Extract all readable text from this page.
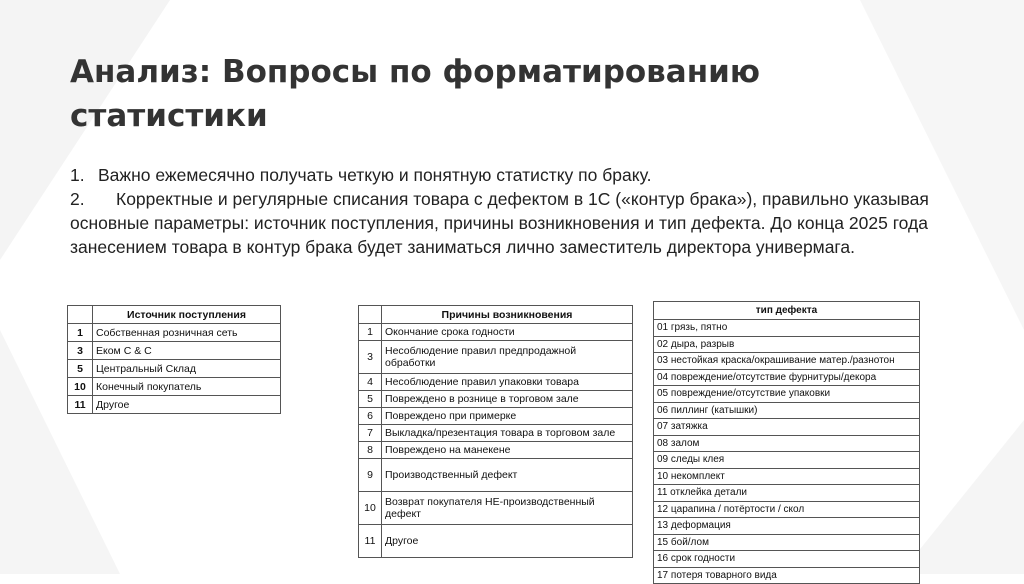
Анализ: Вопросы по форматированию статистики

1. Важно ежемесячно получать четкую и понятную статистку по браку.

2. Корректные и регулярные списания товара с дефектом в 1С («контур брака»), правильно указывая основные параметры: источник поступления, причины возникновения и тип дефекта. До конца 2025 года занесением товара в контур брака будет заниматься лично заместитель директора универмага.

	Источник поступления
1	Собственная розничная сеть
3	Еком С & С
5	Центральный Склад
10	Конечный покупатель
11	Другое
	Причины возникновения
1	Окончание срока годности
3	Несоблюдение правил предпродажной обработки
4	Несоблюдение правил упаковки товара
5	Повреждено в рознице в торговом зале
6	Повреждено при примерке
7	Выкладка/презентация товара в торговом зале
8	Повреждено на манекене
9	Производственный дефект
10	Возврат покупателя НЕ-производственный дефект
11	Другое
тип дефекта
01 грязь, пятно
02 дыра, разрыв
03 нестойкая краска/окрашивание матер./разнотон
04 повреждение/отсутствие фурнитуры/декора
05 повреждение/отсутствие упаковки
06 пиллинг (катышки)
07 затяжка
08 залом
09 следы клея
10 некомплект
11 отклейка детали
12 царапина / потёртости / скол
13 деформация
15 бой/лом
16 срок годности
17 потеря товарного вида
